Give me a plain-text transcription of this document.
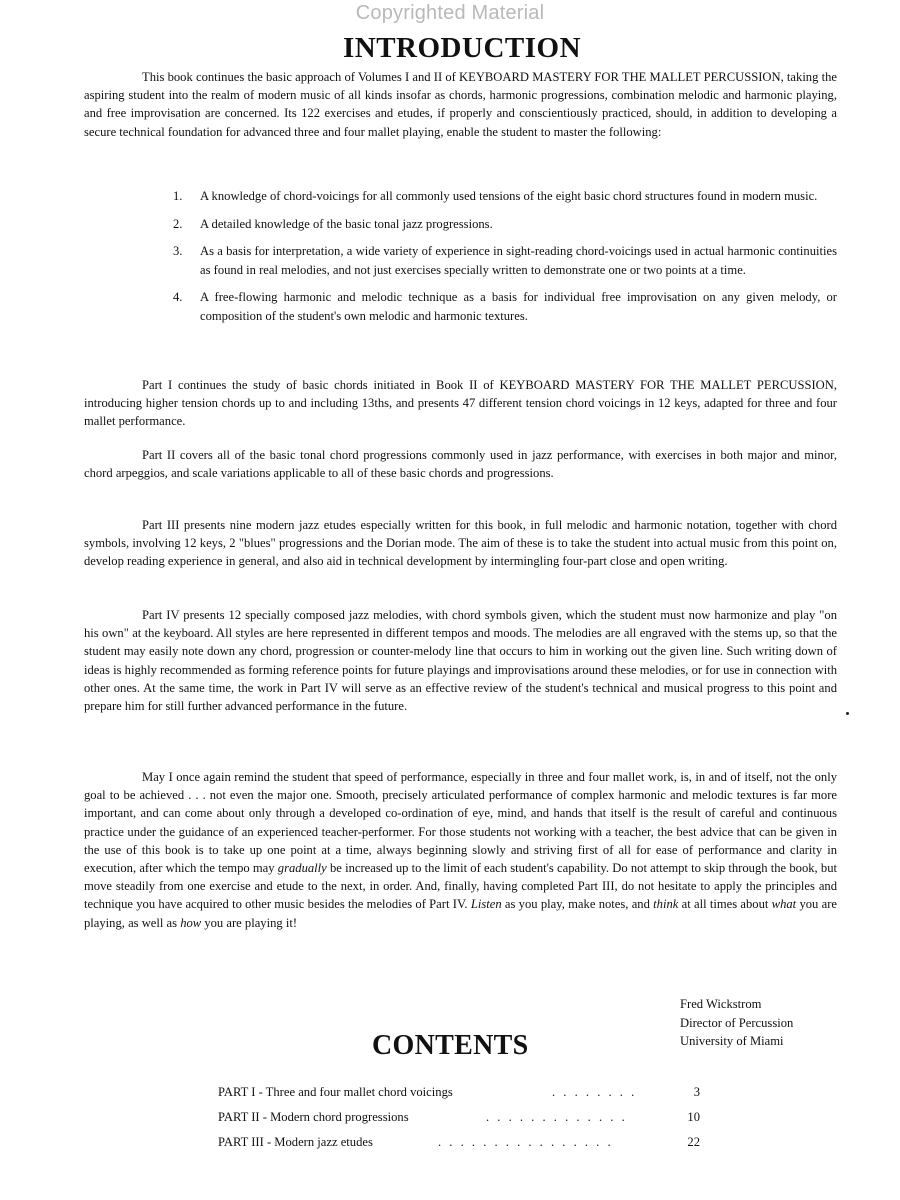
Copyrighted Material
INTRODUCTION

This book continues the basic approach of Volumes I and II of KEYBOARD MASTERY FOR THE MALLET PERCUSSION, taking the aspiring student into the realm of modern music of all kinds insofar as chords, harmonic progressions, combination melodic and harmonic playing, and free improvisation are concerned. Its 122 exercises and etudes, if properly and conscientiously practiced, should, in addition to developing a secure technical foundation for advanced three and four mallet playing, enable the student to master the following:

1. A knowledge of chord-voicings for all commonly used tensions of the eight basic chord structures found in modern music.
2. A detailed knowledge of the basic tonal jazz progressions.
3. As a basis for interpretation, a wide variety of experience in sight-reading chord-voicings used in actual harmonic continuities as found in real melodies, and not just exercises specially written to demonstrate one or two points at a time.
4. A free-flowing harmonic and melodic technique as a basis for individual free improvisation on any given melody, or composition of the student's own melodic and harmonic textures.

Part I continues the study of basic chords initiated in Book II of KEYBOARD MASTERY FOR THE MALLET PERCUSSION, introducing higher tension chords up to and including 13ths, and presents 47 different tension chord voicings in 12 keys, adapted for three and four mallet performance.

Part II covers all of the basic tonal chord progressions commonly used in jazz performance, with exercises in both major and minor, chord arpeggios, and scale variations applicable to all of these basic chords and progressions.

Part III presents nine modern jazz etudes especially written for this book, in full melodic and harmonic notation, together with chord symbols, involving 12 keys, 2 "blues" progressions and the Dorian mode. The aim of these is to take the student into actual music from this point on, develop reading experience in general, and also aid in technical development by intermingling four-part close and open writing.

Part IV presents 12 specially composed jazz melodies, with chord symbols given, which the student must now harmonize and play "on his own" at the keyboard. All styles are here represented in different tempos and moods. The melodies are all engraved with the stems up, so that the student may easily note down any chord, progression or counter-melody line that occurs to him in working out the given line. Such writing down of ideas is highly recommended as forming reference points for future playings and improvisations around these melodies, or for use in connection with other ones. At the same time, the work in Part IV will serve as an effective review of the student's technical and musical progress to this point and prepare him for still further advanced performance in the future.

May I once again remind the student that speed of performance, especially in three and four mallet work, is, in and of itself, not the only goal to be achieved . . . not even the major one. Smooth, precisely articulated performance of complex harmonic and melodic textures is far more important, and can come about only through a developed co-ordination of eye, mind, and hands that itself is the result of careful and continuous practice under the guidance of an experienced teacher-performer. For those students not working with a teacher, the best advice that can be given in the use of this book is to take up one point at a time, always beginning slowly and striving first of all for ease of performance and clarity in execution, after which the tempo may gradually be increased up to the limit of each student's capability. Do not attempt to skip through the book, but move steadily from one exercise and etude to the next, in order. And, finally, having completed Part III, do not hesitate to apply the principles and technique you have acquired to other music besides the melodies of Part IV. Listen as you play, make notes, and think at all times about what you are playing, as well as how you are playing it!

Fred Wickstrom
Director of Percussion
University of Miami
CONTENTS
PART I - Three and four mallet chord voicings	. . . . . . . .	3
PART II - Modern chord progressions	. . . . . . . . . . . . .	10
PART III - Modern jazz etudes	. . . . . . . . . . . . . . . .	22
